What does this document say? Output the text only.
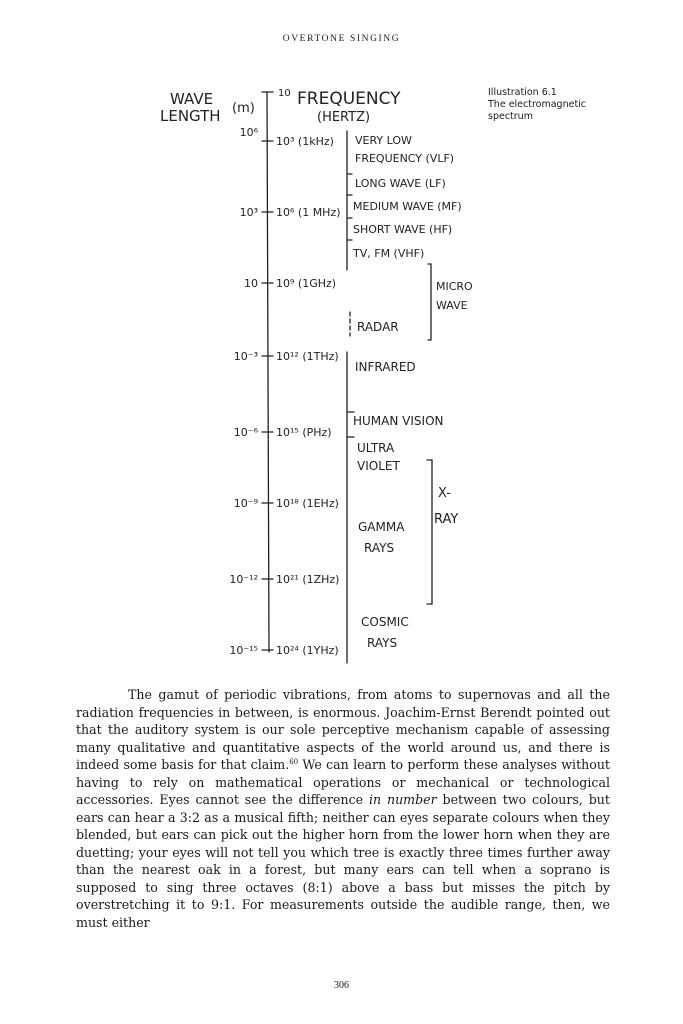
OVERTONE SINGING
Illustration 6.1
The electromagnetic
spectrum
WAVE
LENGTH (m)
10 FREQUENCY
(HERTZ)
10⁶
10³
10
10⁻³
10⁻⁶
10⁻⁹
10⁻¹²
10⁻¹⁵
10³ (1kHz)
10⁶ (1 MHz)
10⁹ (1GHz)
10¹² (1THz)
10¹⁵ (PHz)
10¹⁸ (1EHz)
10²¹ (1ZHz)
10²⁴ (1YHz)
VERY LOW
FREQUENCY (VLF)
LONG WAVE (LF)
MEDIUM WAVE (MF)
SHORT WAVE (HF)
TV, FM (VHF)
MICRO
WAVE
RADAR
INFRARED
HUMAN VISION
ULTRA
VIOLET
X-
RAY
GAMMA
RAYS
COSMIC
RAYS

The gamut of periodic vibrations, from atoms to supernovas and all the radiation frequencies in between, is enormous. Joachim-Ernst Berendt pointed out that the auditory system is our sole perceptive mechanism capable of assessing many qualitative and quantitative aspects of the world around us, and there is indeed some basis for that claim.$^{60}$ We can learn to perform these analyses without having to rely on mathematical operations or mechanical or technological accessories. Eyes cannot see the difference in number between two colours, but ears can hear a 3:2 as a musical fifth; neither can eyes separate colours when they blended, but ears can pick out the higher horn from the lower horn when they are duetting; your eyes will not tell you which tree is exactly three times further away than the nearest oak in a forest, but many ears can tell when a soprano is supposed to sing three octaves (8:1) above a bass but misses the pitch by overstretching it to 9:1. For measurements outside the audible range, then, we must either

306
